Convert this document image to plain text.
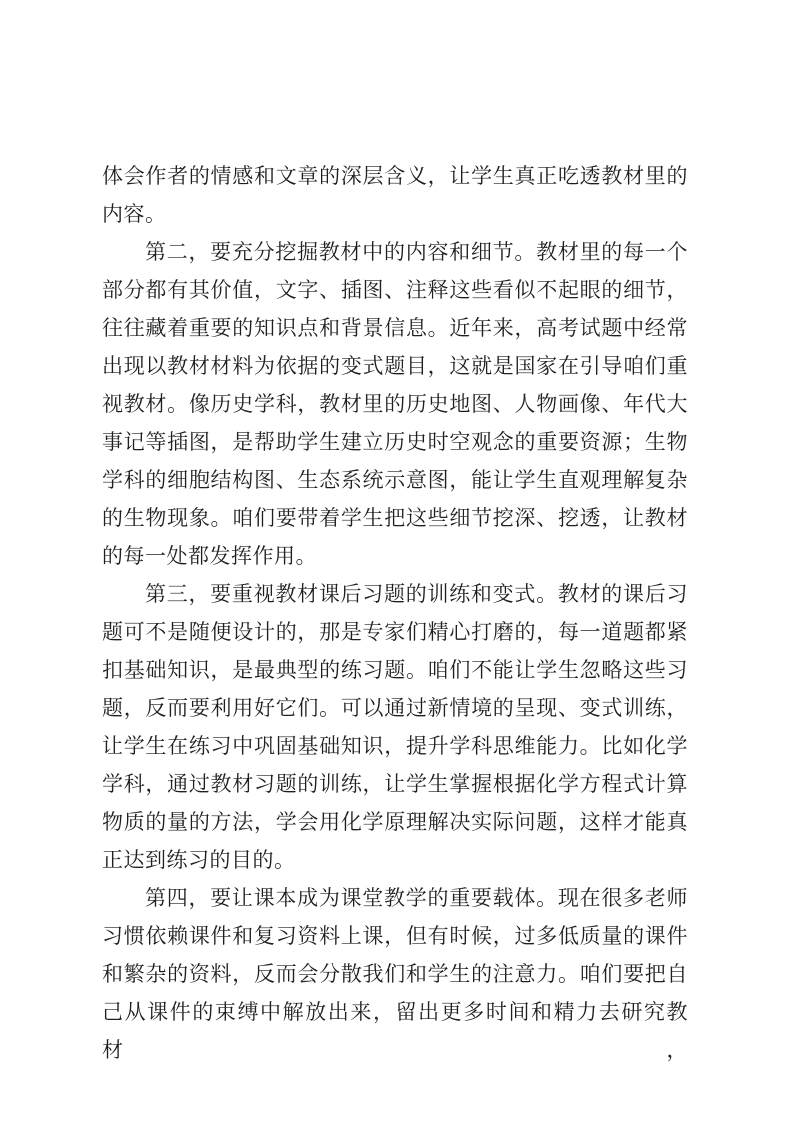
体会作者的情感和文章的深层含义，让学生真正吃透教材里的
内容。
第二，要充分挖掘教材中的内容和细节。教材里的每一个
部分都有其价值，文字、插图、注释这些看似不起眼的细节，
往往藏着重要的知识点和背景信息。近年来，高考试题中经常
出现以教材材料为依据的变式题目，这就是国家在引导咱们重
视教材。像历史学科，教材里的历史地图、人物画像、年代大
事记等插图，是帮助学生建立历史时空观念的重要资源；生物
学科的细胞结构图、生态系统示意图，能让学生直观理解复杂
的生物现象。咱们要带着学生把这些细节挖深、挖透，让教材
的每一处都发挥作用。
第三，要重视教材课后习题的训练和变式。教材的课后习
题可不是随便设计的，那是专家们精心打磨的，每一道题都紧
扣基础知识，是最典型的练习题。咱们不能让学生忽略这些习
题，反而要利用好它们。可以通过新情境的呈现、变式训练，
让学生在练习中巩固基础知识，提升学科思维能力。比如化学
学科，通过教材习题的训练，让学生掌握根据化学方程式计算
物质的量的方法，学会用化学原理解决实际问题，这样才能真
正达到练习的目的。
第四，要让课本成为课堂教学的重要载体。现在很多老师
习惯依赖课件和复习资料上课，但有时候，过多低质量的课件
和繁杂的资料，反而会分散我们和学生的注意力。咱们要把自
己从课件的束缚中解放出来，留出更多时间和精力去研究教材，
